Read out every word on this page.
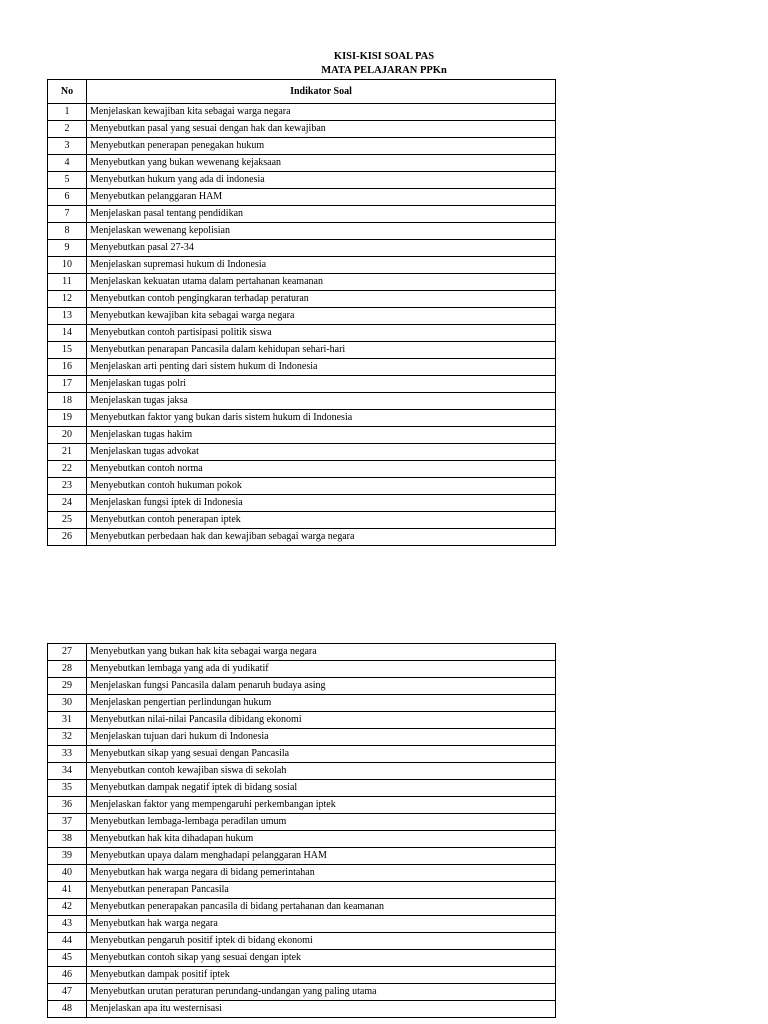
KISI-KISI SOAL PAS
MATA PELAJARAN PPKn
No	Indikator Soal
1	Menjelaskan kewajiban kita sebagai warga negara
2	Menyebutkan pasal yang sesuai dengan hak dan kewajiban
3	Menyebutkan penerapan penegakan hukum
4	Menyebutkan yang bukan wewenang kejaksaan
5	Menyebutkan hukum yang ada di indonesia
6	Menyebutkan pelanggaran HAM
7	Menjelaskan pasal tentang pendidikan
8	Menjelaskan wewenang kepolisian
9	Menyebutkan pasal 27-34
10	Menjelaskan supremasi hukum di Indonesia
11	Menjelaskan kekuatan utama dalam pertahanan keamanan
12	Menyebutkan contoh pengingkaran terhadap peraturan
13	Menyebutkan kewajiban kita sebagai warga negara
14	Menyebutkan contoh partisipasi politik siswa
15	Menyebutkan penarapan Pancasila dalam kehidupan sehari-hari
16	Menjelaskan arti penting dari sistem hukum di Indonesia
17	Menjelaskan tugas polri
18	Menjelaskan tugas jaksa
19	Menyebutkan faktor yang bukan daris sistem hukum di Indonesia
20	Menjelaskan tugas hakim
21	Menjelaskan tugas advokat
22	Menyebutkan contoh norma
23	Menyebutkan contoh hukuman pokok
24	Menjelaskan fungsi iptek di Indonesia
25	Menyebutkan contoh penerapan iptek
26	Menyebutkan perbedaan hak dan kewajiban sebagai warga negara
27	Menyebutkan yang bukan hak kita sebagai warga negara
28	Menyebutkan lembaga yang ada di yudikatif
29	Menjelaskan fungsi Pancasila dalam penaruh budaya asing
30	Menjelaskan pengertian perlindungan hukum
31	Menyebutkan nilai-nilai Pancasila dibidang ekonomi
32	Menjelaskan tujuan dari hukum di Indonesia
33	Menyebutkan sikap yang sesuai dengan Pancasila
34	Menyebutkan contoh kewajiban siswa di sekolah
35	Menyebutkan dampak negatif iptek di bidang sosial
36	Menjelaskan faktor yang mempengaruhi perkembangan iptek
37	Menyebutkan lembaga-lembaga peradilan umum
38	Menyebutkan hak kita dihadapan hukum
39	Menyebutkan upaya dalam menghadapi pelanggaran HAM
40	Menyebutkan hak warga negara di bidang pemerintahan
41	Menyebutkan penerapan Pancasila
42	Menyebutkan penerapakan pancasila di bidang pertahanan dan keamanan
43	Menyebutkan hak warga negara
44	Menyebutkan pengaruh positif iptek di bidang ekonomi
45	Menyebutkan contoh sikap yang sesuai dengan iptek
46	Menyebutkan dampak positif iptek
47	Menyebutkan urutan peraturan perundang-undangan yang paling utama
48	Menjelaskan apa itu westernisasi
